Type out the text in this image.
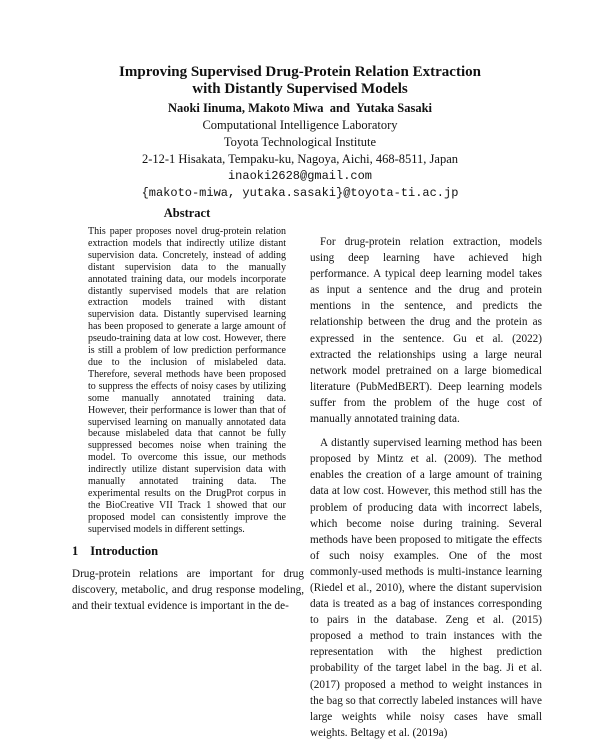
Improving Supervised Drug-Protein Relation Extraction
with Distantly Supervised Models
Naoki Iinuma, Makoto Miwa  and  Yutaka Sasaki
Computational Intelligence Laboratory
Toyota Technological Institute
2-12-1 Hisakata, Tempaku-ku, Nagoya, Aichi, 468-8511, Japan
inaoki2628@gmail.com
{makoto-miwa, yutaka.sasaki}@toyota-ti.ac.jp
Abstract

This paper proposes novel drug-protein relation extraction models that indirectly utilize distant supervision data. Concretely, instead of adding distant supervision data to the manually annotated training data, our models incorporate distantly supervised models that are relation extraction models trained with distant supervision data. Distantly supervised learning has been proposed to generate a large amount of pseudo-training data at low cost. However, there is still a problem of low prediction performance due to the inclusion of mislabeled data. Therefore, several methods have been proposed to suppress the effects of noisy cases by utilizing some manually annotated training data. However, their performance is lower than that of supervised learning on manually annotated data because mislabeled data that cannot be fully suppressed becomes noise when training the model. To overcome this issue, our methods indirectly utilize distant supervision data with manually annotated training data. The experimental results on the DrugProt corpus in the BioCreative VII Track 1 showed that our proposed model can consistently improve the supervised models in different settings.

1 Introduction

Drug-protein relations are important for drug discovery, metabolic, and drug response modeling, and their textual evidence is important in the de-

For drug-protein relation extraction, models using deep learning have achieved high performance. A typical deep learning model takes as input a sentence and the drug and protein mentions in the sentence, and predicts the relationship between the drug and the protein as expressed in the sentence. Gu et al. (2022) extracted the relationships using a large neural network model pretrained on a large biomedical literature (PubMedBERT). Deep learning models suffer from the problem of the huge cost of manually annotated training data.

A distantly supervised learning method has been proposed by Mintz et al. (2009). The method enables the creation of a large amount of training data at low cost. However, this method still has the problem of producing data with incorrect labels, which become noise during training. Several methods have been proposed to mitigate the effects of such noisy examples. One of the most commonly-used methods is multi-instance learning (Riedel et al., 2010), where the distant supervision data is treated as a bag of instances corresponding to pairs in the database. Zeng et al. (2015) proposed a method to train instances with the representation with the highest prediction probability of the target label in the bag. Ji et al. (2017) proposed a method to weight instances in the bag so that correctly labeled instances will have large weights while noisy cases have small weights. Beltagy et al. (2019a)
